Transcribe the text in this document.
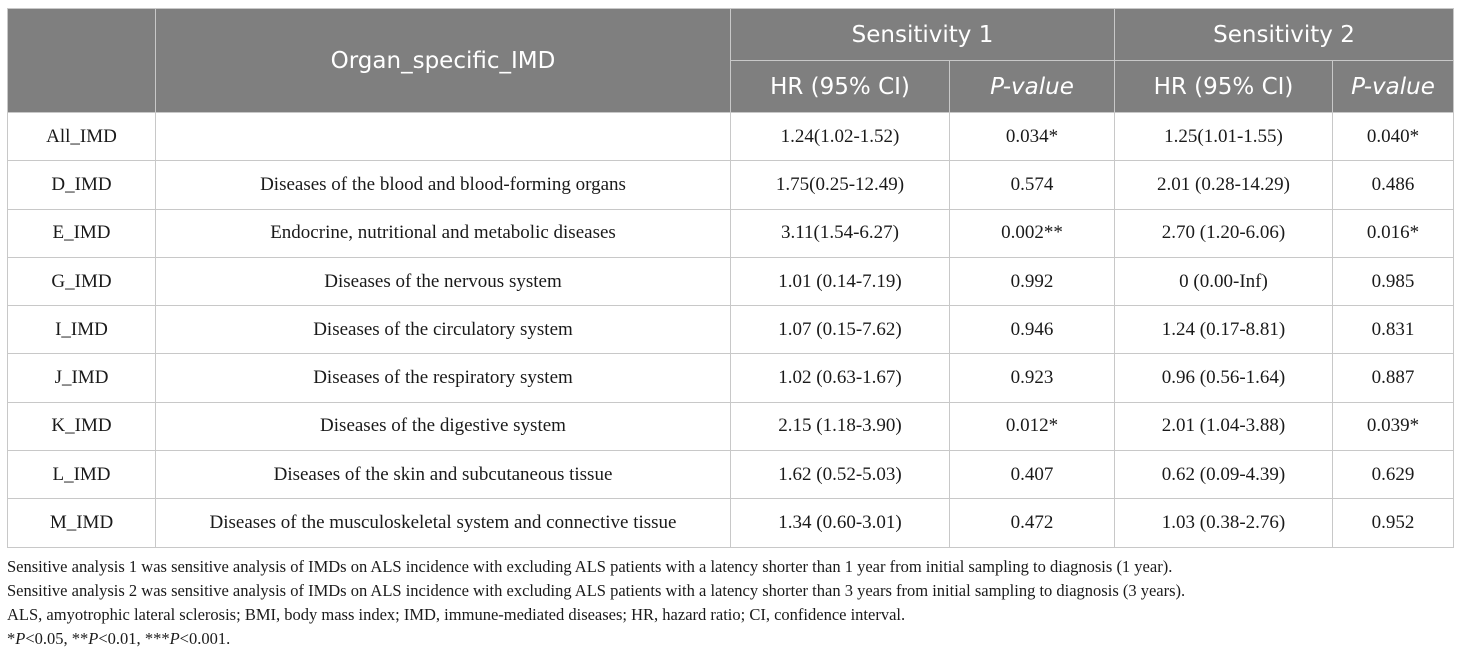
	Organ_specific_IMD	Sensitivity 1		Sensitivity 2	
		HR (95% CI)	P-value	HR (95% CI)	P-value
All_IMD		1.24(1.02-1.52)	0.034*	1.25(1.01-1.55)	0.040*
D_IMD	Diseases of the blood and blood-forming organs	1.75(0.25-12.49)	0.574	2.01 (0.28-14.29)	0.486
E_IMD	Endocrine, nutritional and metabolic diseases	3.11(1.54-6.27)	0.002**	2.70 (1.20-6.06)	0.016*
G_IMD	Diseases of the nervous system	1.01 (0.14-7.19)	0.992	0 (0.00-Inf)	0.985
I_IMD	Diseases of the circulatory system	1.07 (0.15-7.62)	0.946	1.24 (0.17-8.81)	0.831
J_IMD	Diseases of the respiratory system	1.02 (0.63-1.67)	0.923	0.96 (0.56-1.64)	0.887
K_IMD	Diseases of the digestive system	2.15 (1.18-3.90)	0.012*	2.01 (1.04-3.88)	0.039*
L_IMD	Diseases of the skin and subcutaneous tissue	1.62 (0.52-5.03)	0.407	0.62 (0.09-4.39)	0.629
M_IMD	Diseases of the musculoskeletal system and connective tissue	1.34 (0.60-3.01)	0.472	1.03 (0.38-2.76)	0.952
Sensitive analysis 1 was sensitive analysis of IMDs on ALS incidence with excluding ALS patients with a latency shorter than 1 year from initial sampling to diagnosis (1 year).
Sensitive analysis 2 was sensitive analysis of IMDs on ALS incidence with excluding ALS patients with a latency shorter than 3 years from initial sampling to diagnosis (3 years).
ALS, amyotrophic lateral sclerosis; BMI, body mass index; IMD, immune-mediated diseases; HR, hazard ratio; CI, confidence interval.
*P<0.05, **P<0.01, ***P<0.001.
